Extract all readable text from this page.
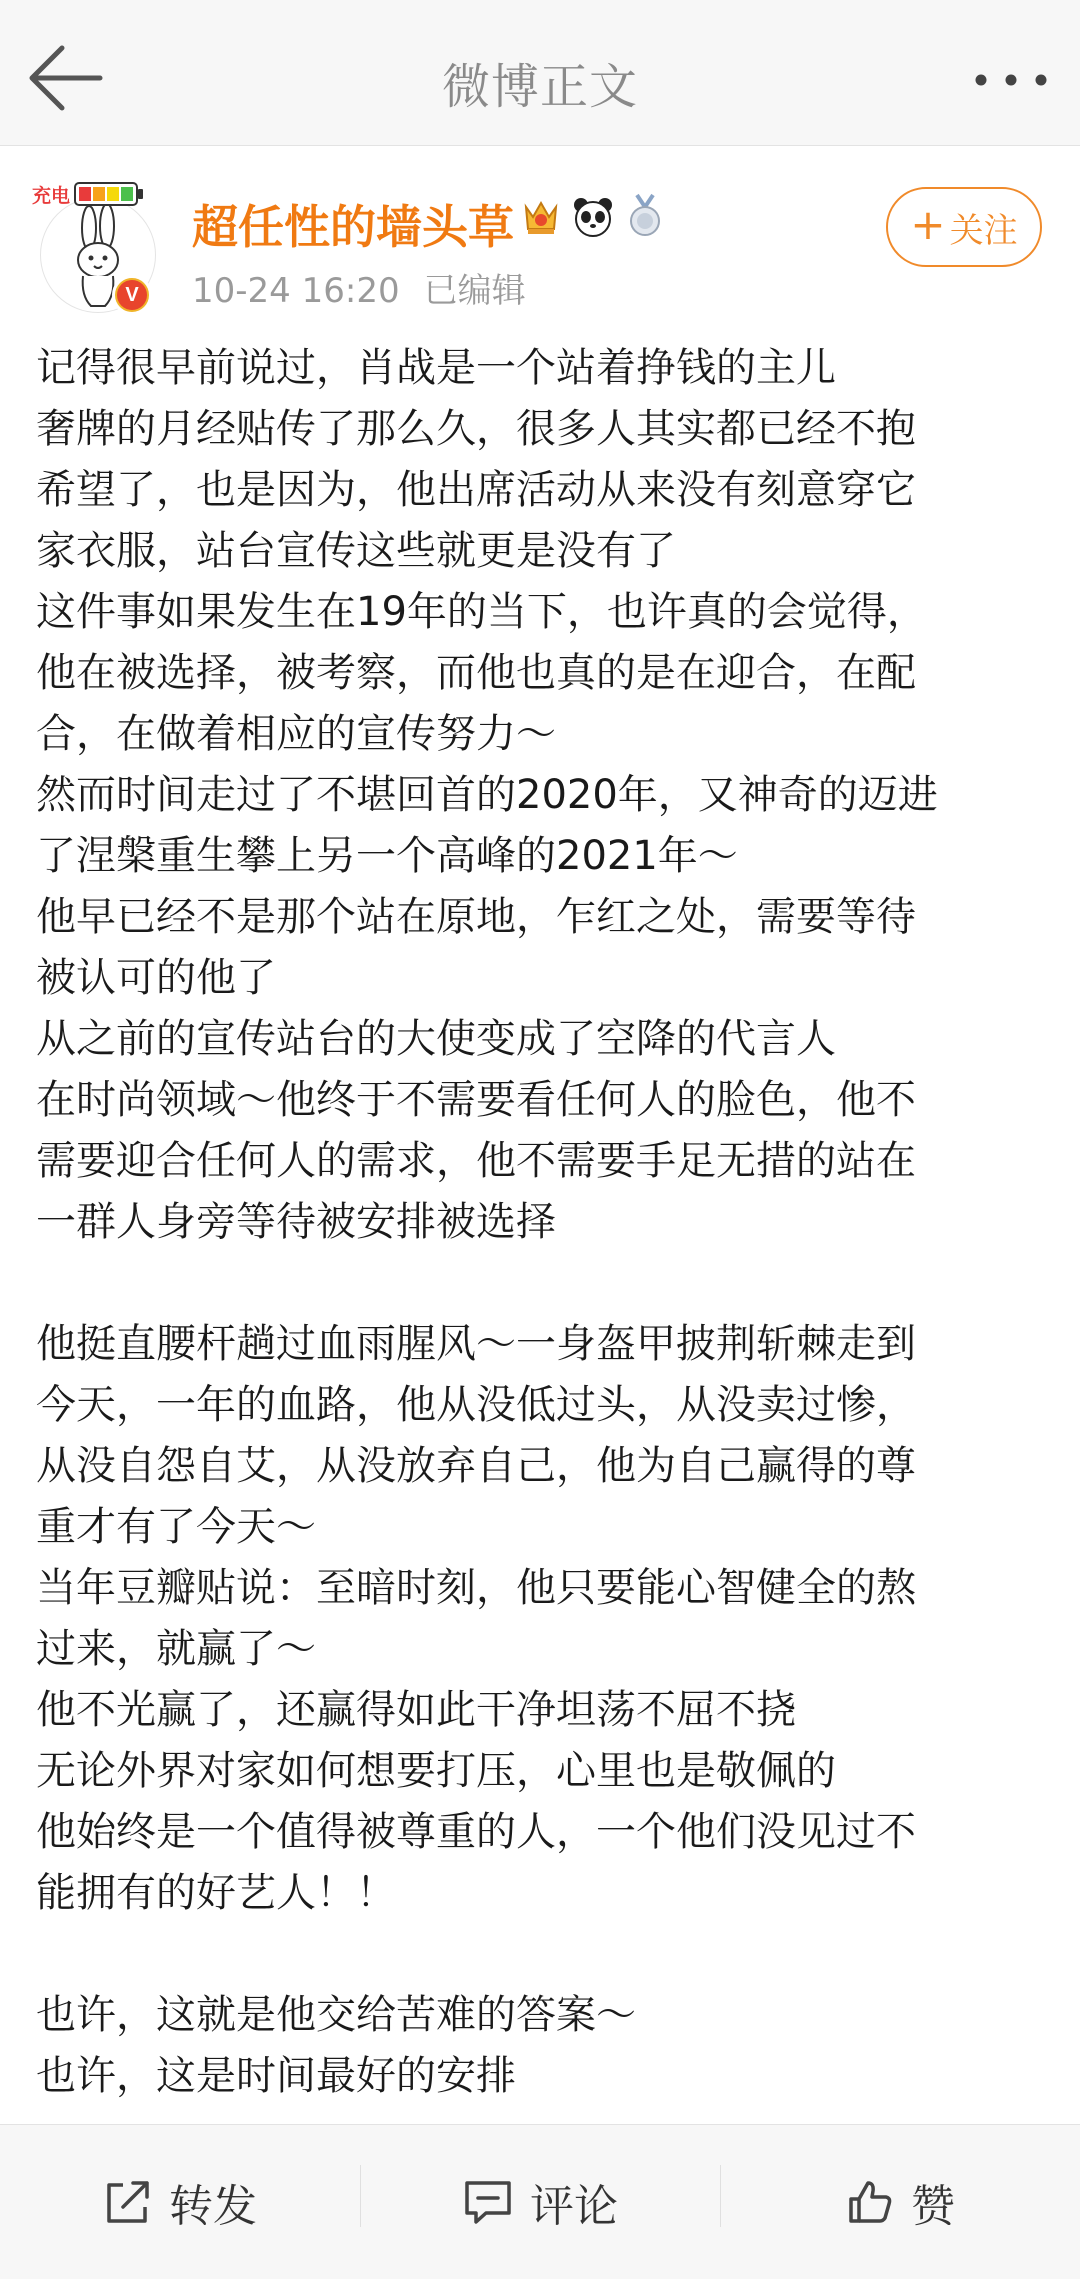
微博正文
充电
V
超任性的墙头草
10-24 16:20 已编辑
+ 关注
记得很早前说过，肖战是一个站着挣钱的主儿
奢牌的月经贴传了那么久，很多人其实都已经不抱
希望了，也是因为，他出席活动从来没有刻意穿它
家衣服，站台宣传这些就更是没有了
这件事如果发生在19年的当下，也许真的会觉得，
他在被选择，被考察，而他也真的是在迎合，在配
合，在做着相应的宣传努力～
然而时间走过了不堪回首的2020年，又神奇的迈进
了涅槃重生攀上另一个高峰的2021年～
他早已经不是那个站在原地，乍红之处，需要等待
被认可的他了
从之前的宣传站台的大使变成了空降的代言人
在时尚领域～他终于不需要看任何人的脸色，他不
需要迎合任何人的需求，他不需要手足无措的站在
一群人身旁等待被安排被选择
他挺直腰杆趟过血雨腥风～一身盔甲披荆斩棘走到
今天，一年的血路，他从没低过头，从没卖过惨，
从没自怨自艾，从没放弃自己，他为自己赢得的尊
重才有了今天～
当年豆瓣贴说：至暗时刻，他只要能心智健全的熬
过来，就赢了～
他不光赢了，还赢得如此干净坦荡不屈不挠
无论外界对家如何想要打压，心里也是敬佩的
他始终是一个值得被尊重的人，一个他们没见过不
能拥有的好艺人！！
也许，这就是他交给苦难的答案～
也许，这是时间最好的安排
转发	评论	赞
